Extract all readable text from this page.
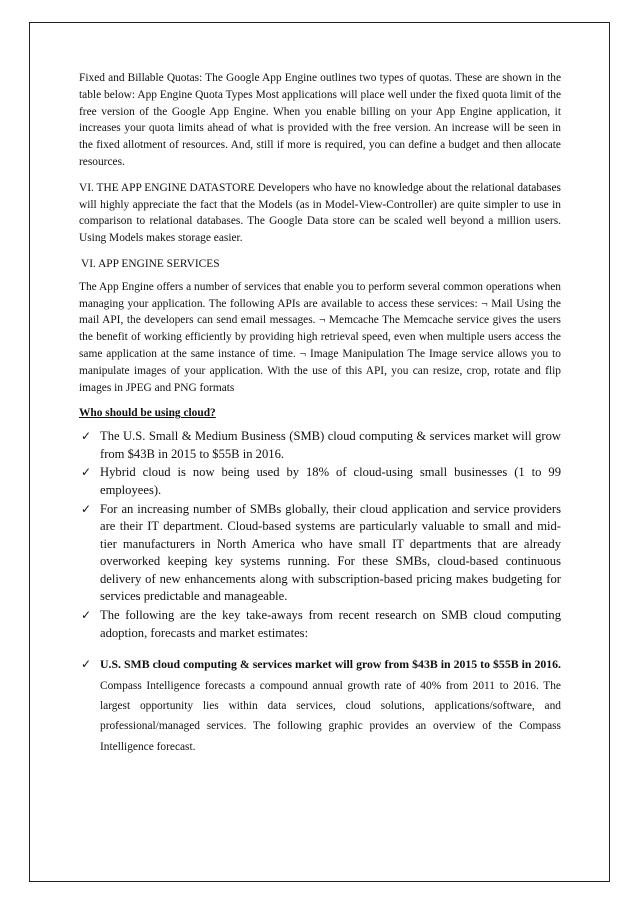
Fixed and Billable Quotas: The Google App Engine outlines two types of quotas. These are shown in the table below: App Engine Quota Types Most applications will place well under the fixed quota limit of the free version of the Google App Engine. When you enable billing on your App Engine application, it increases your quota limits ahead of what is provided with the free version. An increase will be seen in the fixed allotment of resources. And, still if more is required, you can define a budget and then allocate resources.

VI. THE APP ENGINE DATASTORE Developers who have no knowledge about the relational databases will highly appreciate the fact that the Models (as in Model-View-Controller) are quite simpler to use in comparison to relational databases. The Google Data store can be scaled well beyond a million users. Using Models makes storage easier.

VI. APP ENGINE SERVICES

The App Engine offers a number of services that enable you to perform several common operations when managing your application. The following APIs are available to access these services: ¬ Mail Using the mail API, the developers can send email messages. ¬ Memcache The Memcache service gives the users the benefit of working efficiently by providing high retrieval speed, even when multiple users access the same application at the same instance of time. ¬ Image Manipulation The Image service allows you to manipulate images of your application. With the use of this API, you can resize, crop, rotate and flip images in JPEG and PNG formats

Who should be using cloud?
✓ The U.S. Small & Medium Business (SMB) cloud computing & services market will grow from $43B in 2015 to $55B in 2016.
✓ Hybrid cloud is now being used by 18% of cloud-using small businesses (1 to 99 employees).
✓ For an increasing number of SMBs globally, their cloud application and service providers are their IT department. Cloud-based systems are particularly valuable to small and mid-tier manufacturers in North America who have small IT departments that are already overworked keeping key systems running. For these SMBs, cloud-based continuous delivery of new enhancements along with subscription-based pricing makes budgeting for services predictable and manageable.
✓ The following are the key take-aways from recent research on SMB cloud computing adoption, forecasts and market estimates:
✓ U.S. SMB cloud computing & services market will grow from $43B in 2015 to $55B in 2016. Compass Intelligence forecasts a compound annual growth rate of 40% from 2011 to 2016. The largest opportunity lies within data services, cloud solutions, applications/software, and professional/managed services. The following graphic provides an overview of the Compass Intelligence forecast.
